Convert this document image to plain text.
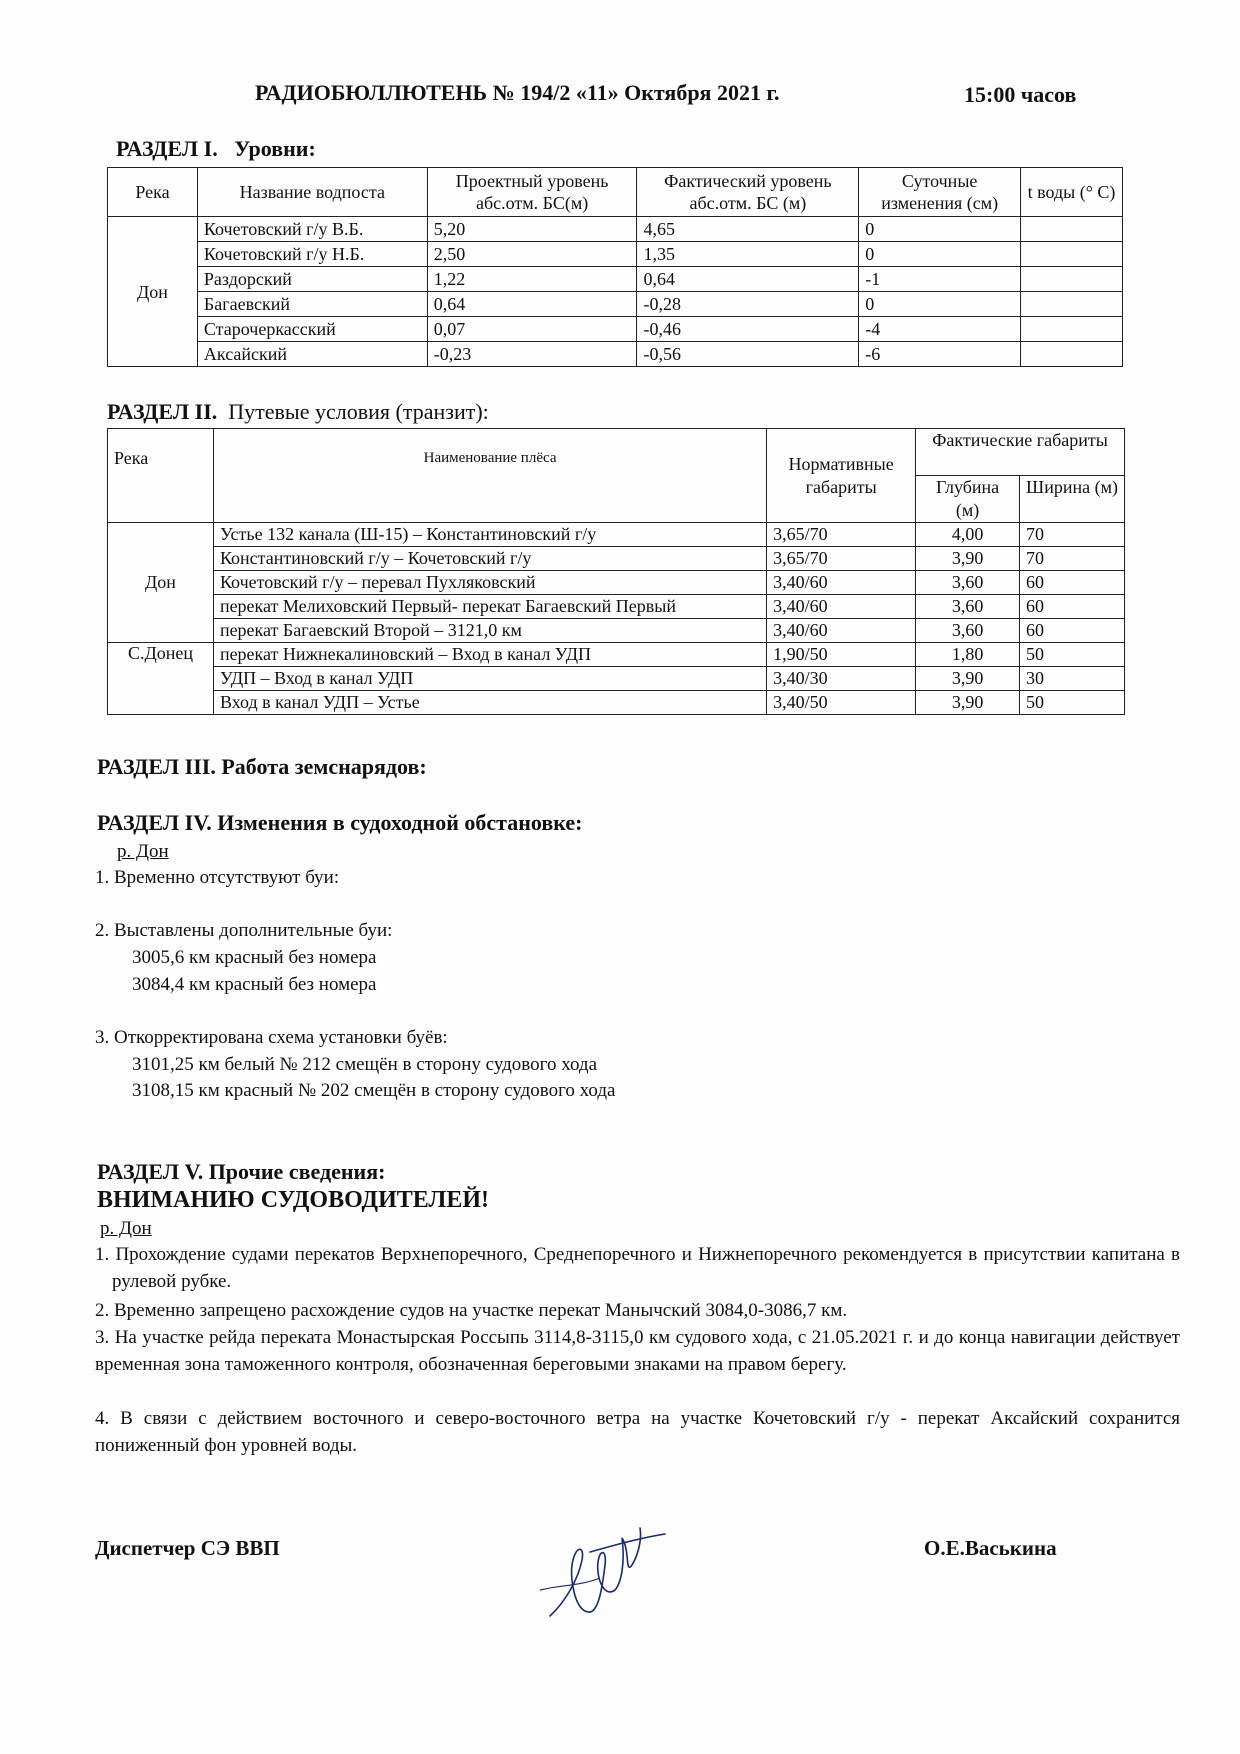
РАДИОБЮЛЛЮТЕНЬ № 194/2 «11» Октября 2021 г.	15:00 часов
РАЗДЕЛ I. Уровни:
Река	Название водпоста	Проектный уровень абс.отм. БС(м)	Фактический уровень абс.отм. БС (м)	Суточные изменения (см)	t воды (° C)
Дон	Кочетовский г/у В.Б.	5,20	4,65	0	
	Кочетовский г/у Н.Б.	2,50	1,35	0	
	Раздорский	1,22	0,64	-1	
	Багаевский	0,64	-0,28	0	
	Старочеркасский	0,07	-0,46	-4	
	Аксайский	-0,23	-0,56	-6	
РАЗДЕЛ II. Путевые условия (транзит):
Река	Наименование плёса	Нормативные габариты	Фактические габариты	
			Глубина (м)	Ширина (м)
Дон	Устье 132 канала (Ш-15) – Константиновский г/у	3,65/70	4,00	70
	Константиновский г/у – Кочетовский г/у	3,65/70	3,90	70
	Кочетовский г/у – перевал Пухляковский	3,40/60	3,60	60
	перекат Мелиховский Первый- перекат Багаевский Первый	3,40/60	3,60	60
	перекат Багаевский Второй – 3121,0 км	3,40/60	3,60	60
С.Донец	перекат Нижнекалиновский – Вход в канал УДП	1,90/50	1,80	50
	УДП – Вход в канал УДП	3,40/30	3,90	30
	Вход в канал УДП – Устье	3,40/50	3,90	50
РАЗДЕЛ III. Работа земснарядов:
РАЗДЕЛ IV. Изменения в судоходной обстановке:
р. Дон
1. Временно отсутствуют буи:
2. Выставлены дополнительные буи:
3005,6 км красный без номера
3084,4 км красный без номера
3. Откорректирована схема установки буёв:
3101,25 км белый № 212 смещён в сторону судового хода
3108,15 км красный № 202 смещён в сторону судового хода
РАЗДЕЛ V. Прочие сведения:
ВНИМАНИЮ СУДОВОДИТЕЛЕЙ!
р. Дон
1. Прохождение судами перекатов Верхнепоречного, Среднепоречного и Нижнепоречного рекомендуется в присутствии капитана в рулевой рубке.
2. Временно запрещено расхождение судов на участке перекат Манычский 3084,0-3086,7 км.
3. На участке рейда переката Монастырская Россыпь 3114,8-3115,0 км судового хода, с 21.05.2021 г. и до конца навигации действует временная зона таможенного контроля, обозначенная береговыми знаками на правом берегу.
4. В связи с действием восточного и северо-восточного ветра на участке Кочетовский г/у - перекат Аксайский сохранится пониженный фон уровней воды.
Диспетчер СЭ ВВП	О.Е.Васькина
